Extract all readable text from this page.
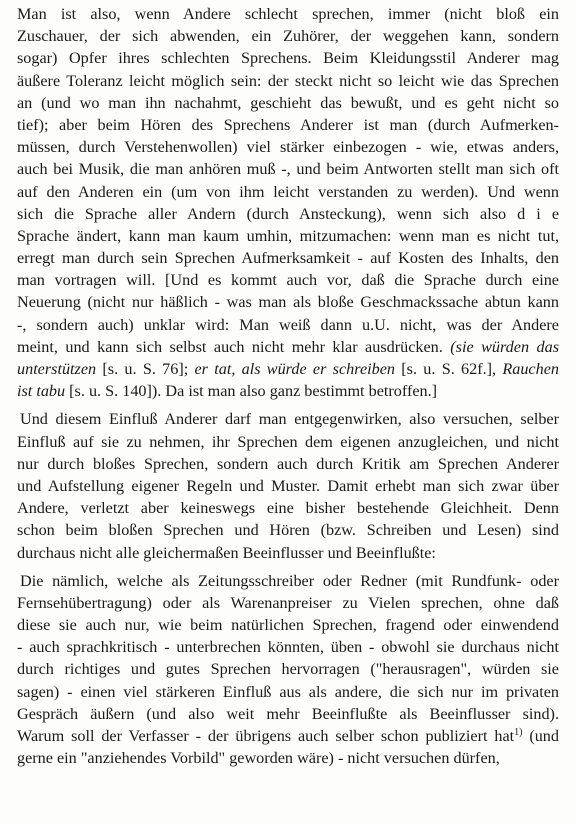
Man ist also, wenn Andere schlecht sprechen, immer (nicht bloß ein
Zuschauer, der sich abwenden, ein Zuhörer, der weggehen kann, sondern
sogar) Opfer ihres schlechten Sprechens. Beim Kleidungsstil Anderer mag
äußere Toleranz leicht möglich sein: der steckt nicht so leicht wie das Sprechen
an (und wo man ihn nachahmt, geschieht das bewußt, und es geht nicht so
tief); aber beim Hören des Sprechens Anderer ist man (durch Aufmerken-
müssen, durch Verstehenwollen) viel stärker einbezogen - wie, etwas anders,
auch bei Musik, die man anhören muß -, und beim Antworten stellt man sich oft
auf den Anderen ein (um von ihm leicht verstanden zu werden). Und wenn
sich die Sprache aller Andern (durch Ansteckung), wenn sich also d i e
Sprache ändert, kann man kaum umhin, mitzumachen: wenn man es nicht tut,
erregt man durch sein Sprechen Aufmerksamkeit - auf Kosten des Inhalts, den
man vortragen will. [Und es kommt auch vor, daß die Sprache durch eine
Neuerung (nicht nur häßlich - was man als bloße Geschmackssache abtun kann
-, sondern auch) unklar wird: Man weiß dann u.U. nicht, was der Andere
meint, und kann sich selbst auch nicht mehr klar ausdrücken. (sie würden das
unterstützen [s. u. S. 76]; er tat, als würde er schreiben [s. u. S. 62f.], Rauchen
ist tabu [s. u. S. 140]). Da ist man also ganz bestimmt betroffen.]
Und diesem Einfluß Anderer darf man entgegenwirken, also versuchen, selber
Einfluß auf sie zu nehmen, ihr Sprechen dem eigenen anzugleichen, und nicht
nur durch bloßes Sprechen, sondern auch durch Kritik am Sprechen Anderer
und Aufstellung eigener Regeln und Muster. Damit erhebt man sich zwar über
Andere, verletzt aber keineswegs eine bisher bestehende Gleichheit. Denn
schon beim bloßen Sprechen und Hören (bzw. Schreiben und Lesen) sind
durchaus nicht alle gleichermaßen Beeinflusser und Beeinflußte:
Die nämlich, welche als Zeitungsschreiber oder Redner (mit Rundfunk- oder
Fernsehübertragung) oder als Warenanpreiser zu Vielen sprechen, ohne daß
diese sie auch nur, wie beim natürlichen Sprechen, fragend oder einwendend
- auch sprachkritisch - unterbrechen könnten, üben - obwohl sie durchaus nicht
durch richtiges und gutes Sprechen hervorragen ("herausragen", würden sie
sagen) - einen viel stärkeren Einfluß aus als andere, die sich nur im privaten
Gespräch äußern (und also weit mehr Beeinflußte als Beeinflusser sind).
Warum soll der Verfasser - der übrigens auch selber schon publiziert hat$^{1)}$ (und
gerne ein "anziehendes Vorbild" geworden wäre) - nicht versuchen dürfen,
